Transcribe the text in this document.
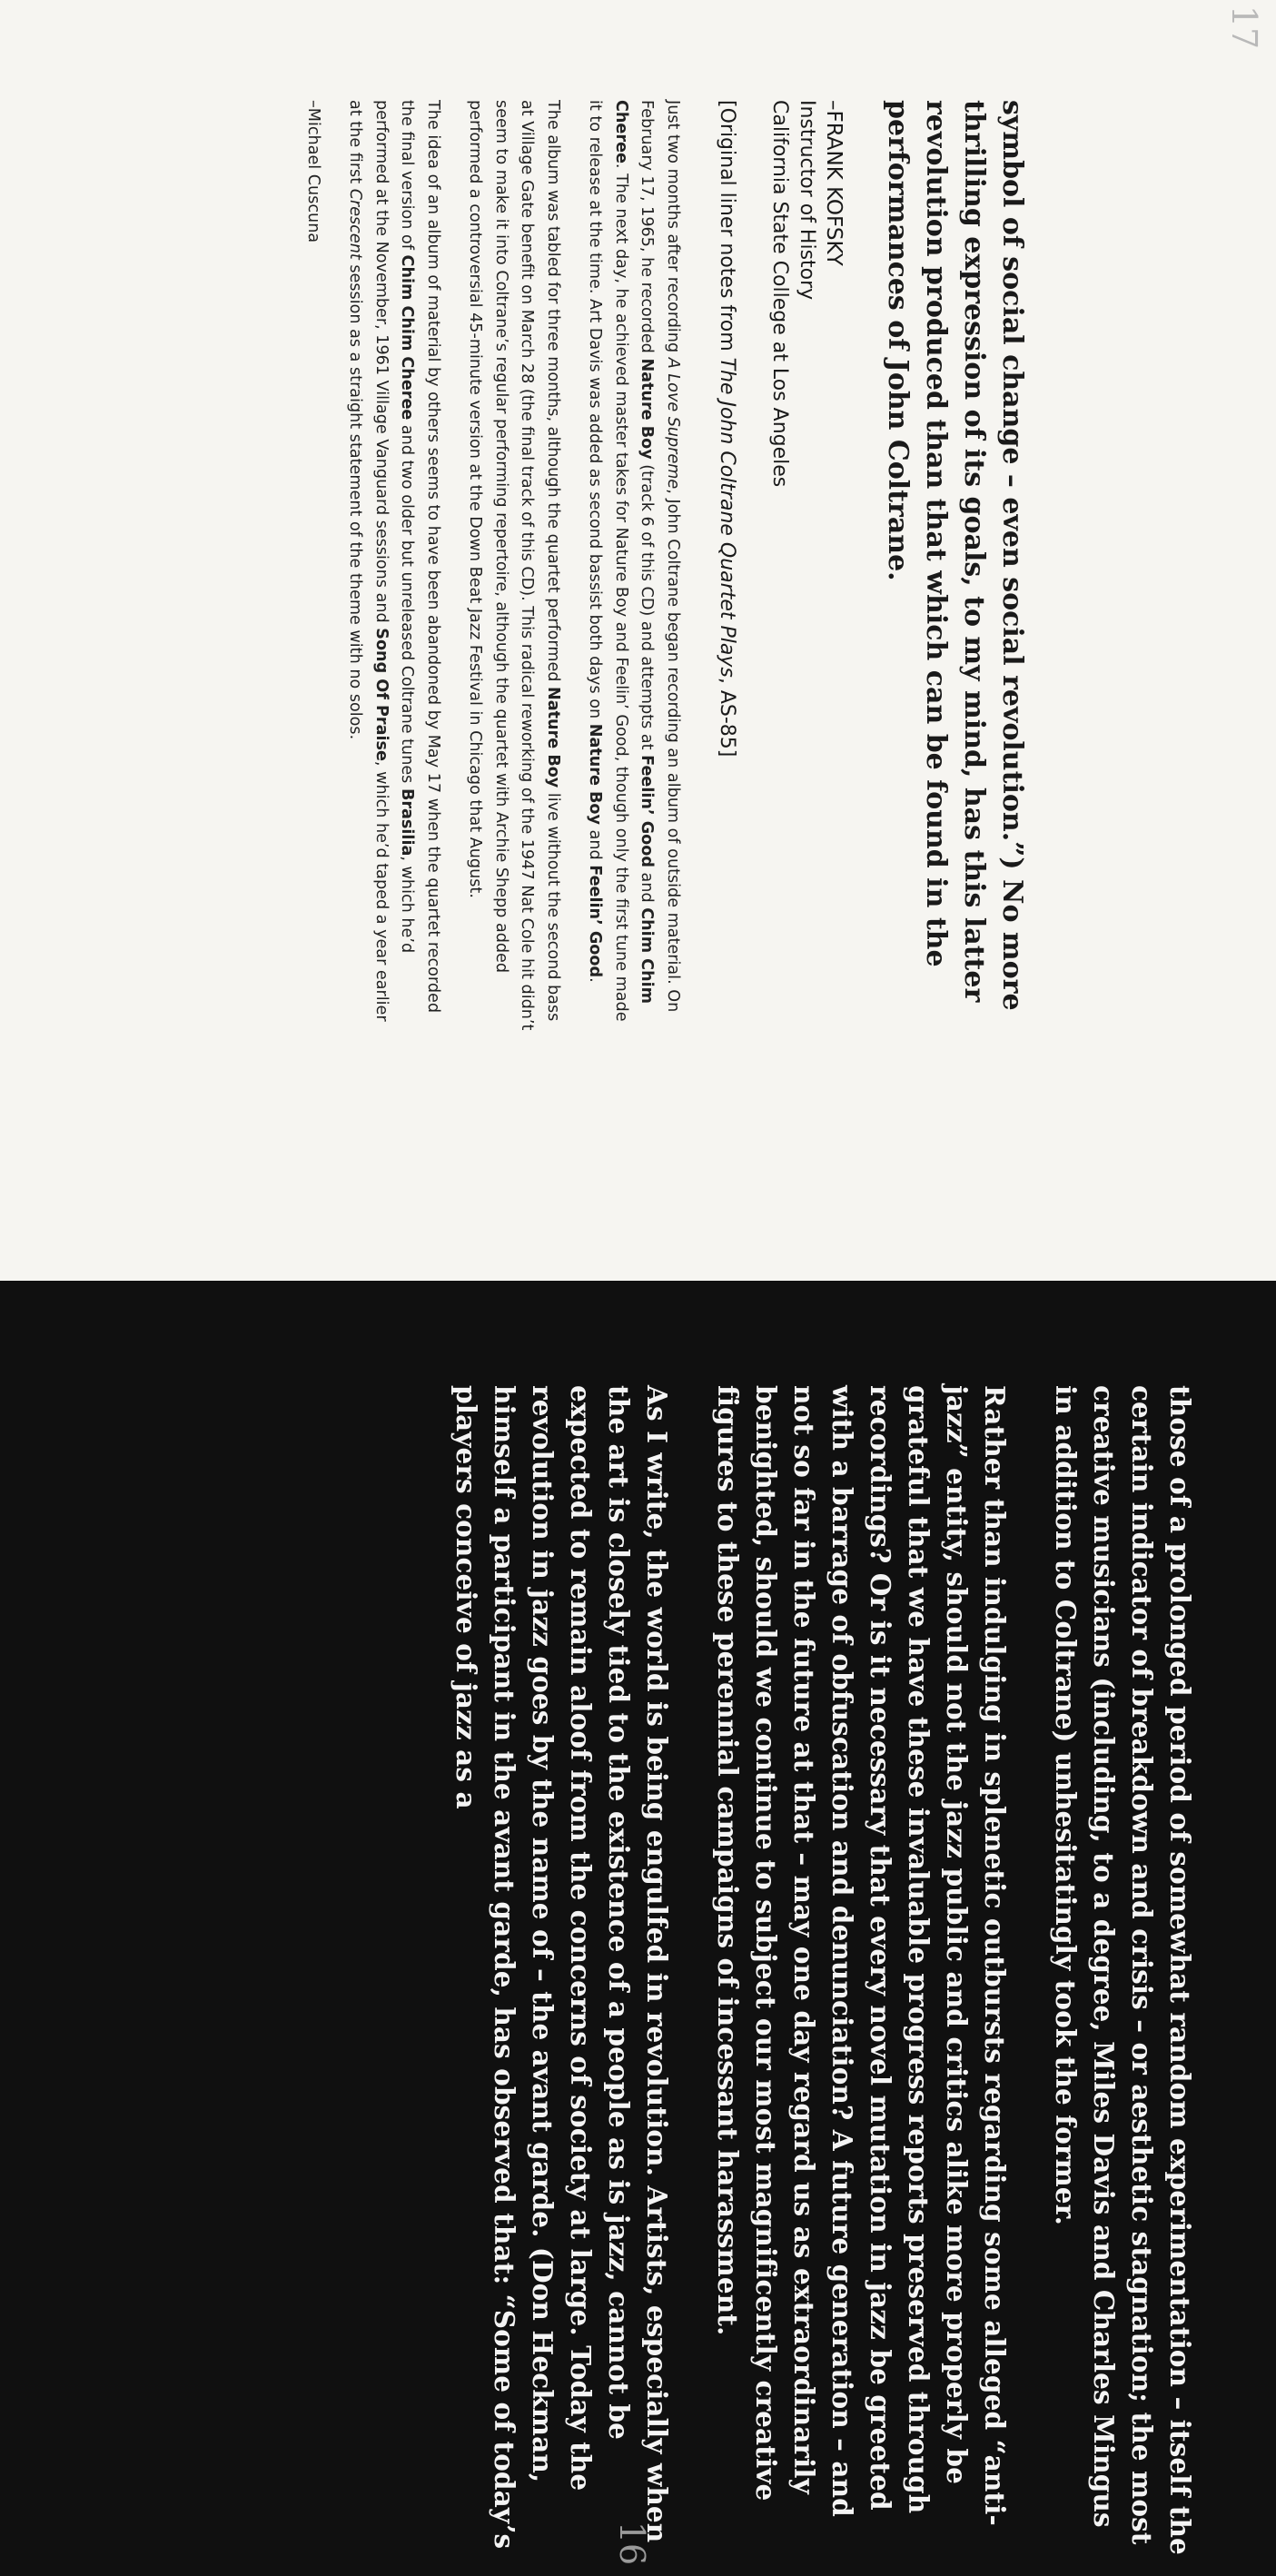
17

symbol of social change – even social revolution.”) No more thrilling expression of its goals, to my mind, has this latter revolution produced than that which can be found in the performances of John Coltrane.

–FRANK KOFSKY
Instructor of History
California State College at Los Angeles

[Original liner notes from The John Coltrane Quartet Plays, AS-85]

Just two months after recording A Love Supreme, John Coltrane began recording an album of outside material. On February 17, 1965, he recorded Nature Boy (track 6 of this CD) and attempts at Feelin’ Good and Chim Chim Cheree. The next day, he achieved master takes for Nature Boy and Feelin’ Good, though only the first tune made it to release at the time. Art Davis was added as second bassist both days on Nature Boy and Feelin’ Good.

The album was tabled for three months, although the quartet performed Nature Boy live without the second bass at Village Gate benefit on March 28 (the final track of this CD). This radical reworking of the 1947 Nat Cole hit didn’t seem to make it into Coltrane’s regular performing repertoire, although the quartet with Archie Shepp added performed a controversial 45-minute version at the Down Beat Jazz Festival in Chicago that August.

The idea of an album of material by others seems to have been abandoned by May 17 when the quartet recorded the final version of Chim Chim Cheree and two older but unreleased Coltrane tunes Brasilia, which he’d performed at the November, 1961 Village Vanguard sessions and Song Of Praise, which he’d taped a year earlier at the first Crescent session as a straight statement of the theme with no solos.

–Michael Cuscuna

16	those of a prolonged period of somewhat random experimentation – itself the certain indicator of breakdown and crisis – or aesthetic stagnation; the most creative musicians (including, to a degree, Miles Davis and Charles Mingus in addition to Coltrane) unhesitatingly took the former.

Rather than indulging in splenetic outbursts regarding some alleged “anti-jazz” entity, should not the jazz public and critics alike more properly be grateful that we have these invaluable progress reports preserved through recordings? Or is it necessary that every novel mutation in jazz be greeted with a barrage of obfuscation and denunciation? A future generation – and not so far in the future at that – may one day regard us as extraordinarily benighted, should we continue to subject our most magnificently creative figures to these perennial campaigns of incessant harassment.

As I write, the world is being engulfed in revolution. Artists, especially when the art is closely tied to the existence of a people as is jazz, cannot be expected to remain aloof from the concerns of society at large. Today the revolution in jazz goes by the name of – the avant garde. (Don Heckman, himself a participant in the avant garde, has observed that: “Some of today’s players conceive of jazz as a
